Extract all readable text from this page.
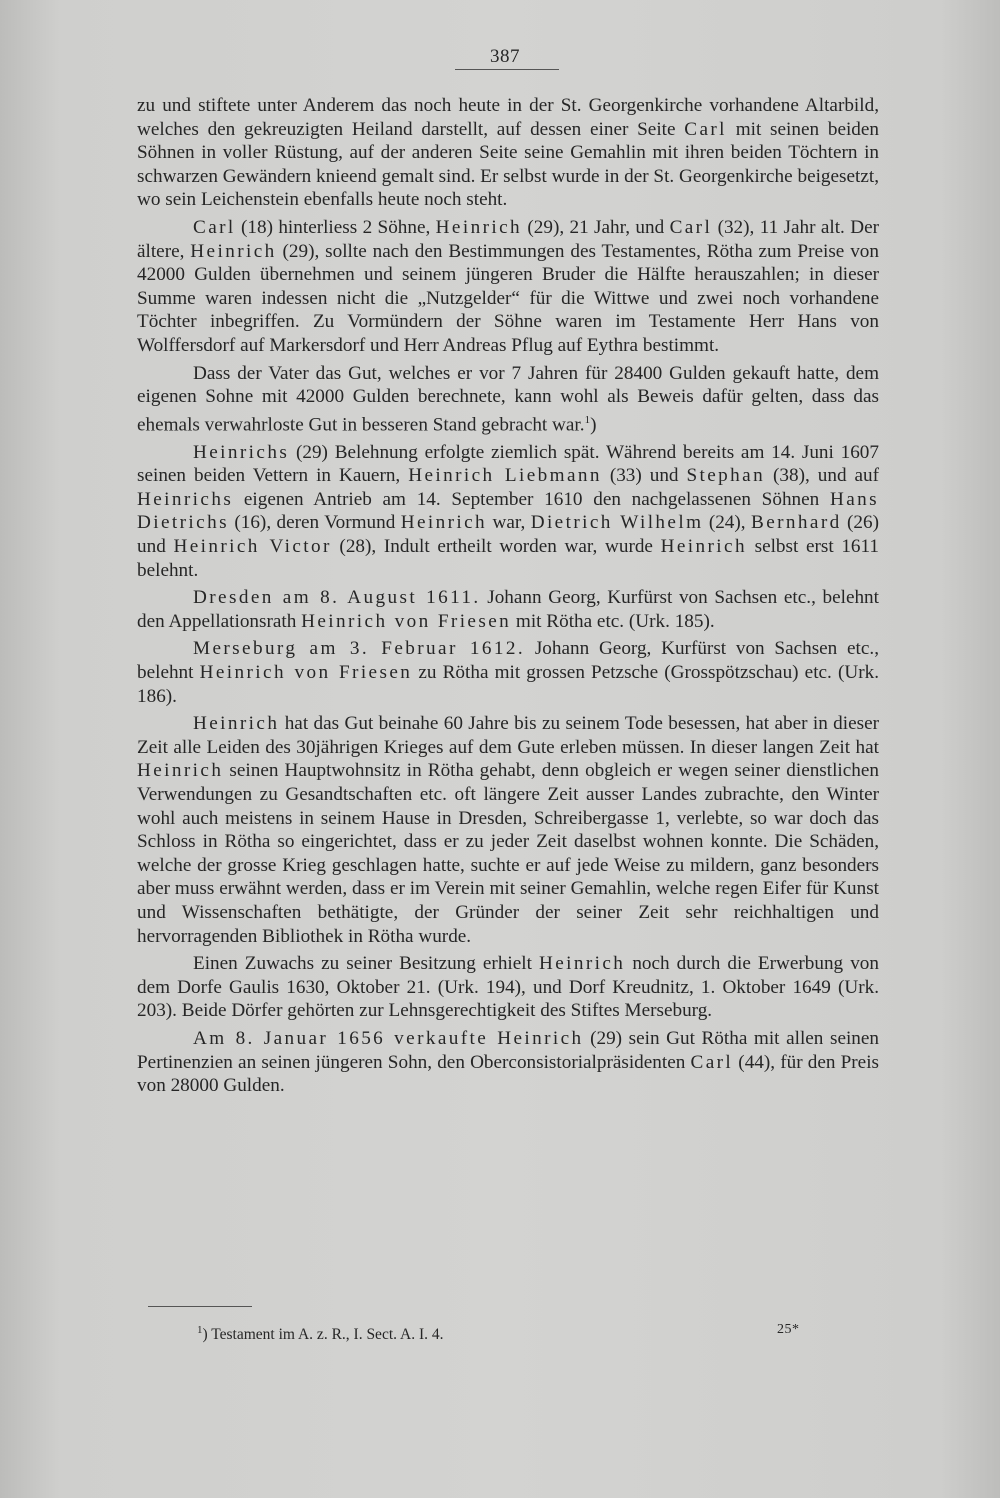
387

zu und stiftete unter Anderem das noch heute in der St. Georgenkirche vorhandene Altarbild, welches den gekreuzigten Heiland darstellt, auf dessen einer Seite Carl mit seinen beiden Söhnen in voller Rüstung, auf der anderen Seite seine Gemahlin mit ihren beiden Töchtern in schwarzen Gewändern knieend gemalt sind. Er selbst wurde in der St. Georgenkirche beigesetzt, wo sein Leichenstein ebenfalls heute noch steht.

Carl (18) hinterliess 2 Söhne, Heinrich (29), 21 Jahr, und Carl (32), 11 Jahr alt. Der ältere, Heinrich (29), sollte nach den Bestimmungen des Testamentes, Rötha zum Preise von 42000 Gulden übernehmen und seinem jüngeren Bruder die Hälfte herauszahlen; in dieser Summe waren indessen nicht die „Nutzgelder“ für die Wittwe und zwei noch vorhandene Töchter inbegriffen. Zu Vormündern der Söhne waren im Testamente Herr Hans von Wolffersdorf auf Markersdorf und Herr Andreas Pflug auf Eythra bestimmt.

Dass der Vater das Gut, welches er vor 7 Jahren für 28400 Gulden gekauft hatte, dem eigenen Sohne mit 42000 Gulden berechnete, kann wohl als Beweis dafür gelten, dass das ehemals verwahrloste Gut in besseren Stand gebracht war.$^1$)

Heinrichs (29) Belehnung erfolgte ziemlich spät. Während bereits am 14. Juni 1607 seinen beiden Vettern in Kauern, Heinrich Liebmann (33) und Stephan (38), und auf Heinrichs eigenen Antrieb am 14. September 1610 den nachgelassenen Söhnen Hans Dietrichs (16), deren Vormund Heinrich war, Dietrich Wilhelm (24), Bernhard (26) und Heinrich Victor (28), Indult ertheilt worden war, wurde Heinrich selbst erst 1611 belehnt.

Dresden am 8. August 1611. Johann Georg, Kurfürst von Sachsen etc., belehnt den Appellationsrath Heinrich von Friesen mit Rötha etc. (Urk. 185).

Merseburg am 3. Februar 1612. Johann Georg, Kurfürst von Sachsen etc., belehnt Heinrich von Friesen zu Rötha mit grossen Petzsche (Grosspötzschau) etc. (Urk. 186).

Heinrich hat das Gut beinahe 60 Jahre bis zu seinem Tode besessen, hat aber in dieser Zeit alle Leiden des 30jährigen Krieges auf dem Gute erleben müssen. In dieser langen Zeit hat Heinrich seinen Hauptwohnsitz in Rötha gehabt, denn obgleich er wegen seiner dienstlichen Verwendungen zu Gesandtschaften etc. oft längere Zeit ausser Landes zubrachte, den Winter wohl auch meistens in seinem Hause in Dresden, Schreibergasse 1, verlebte, so war doch das Schloss in Rötha so eingerichtet, dass er zu jeder Zeit daselbst wohnen konnte. Die Schäden, welche der grosse Krieg geschlagen hatte, suchte er auf jede Weise zu mildern, ganz besonders aber muss erwähnt werden, dass er im Verein mit seiner Gemahlin, welche regen Eifer für Kunst und Wissenschaften bethätigte, der Gründer der seiner Zeit sehr reichhaltigen und hervorragenden Bibliothek in Rötha wurde.

Einen Zuwachs zu seiner Besitzung erhielt Heinrich noch durch die Erwerbung von dem Dorfe Gaulis 1630, Oktober 21. (Urk. 194), und Dorf Kreudnitz, 1. Oktober 1649 (Urk. 203). Beide Dörfer gehörten zur Lehnsgerechtigkeit des Stiftes Merseburg.

Am 8. Januar 1656 verkaufte Heinrich (29) sein Gut Rötha mit allen seinen Pertinenzien an seinen jüngeren Sohn, den Oberconsistorialpräsidenten Carl (44), für den Preis von 28000 Gulden.

$^1$) Testament im A. z. R., I. Sect. A. I. 4.	25*
